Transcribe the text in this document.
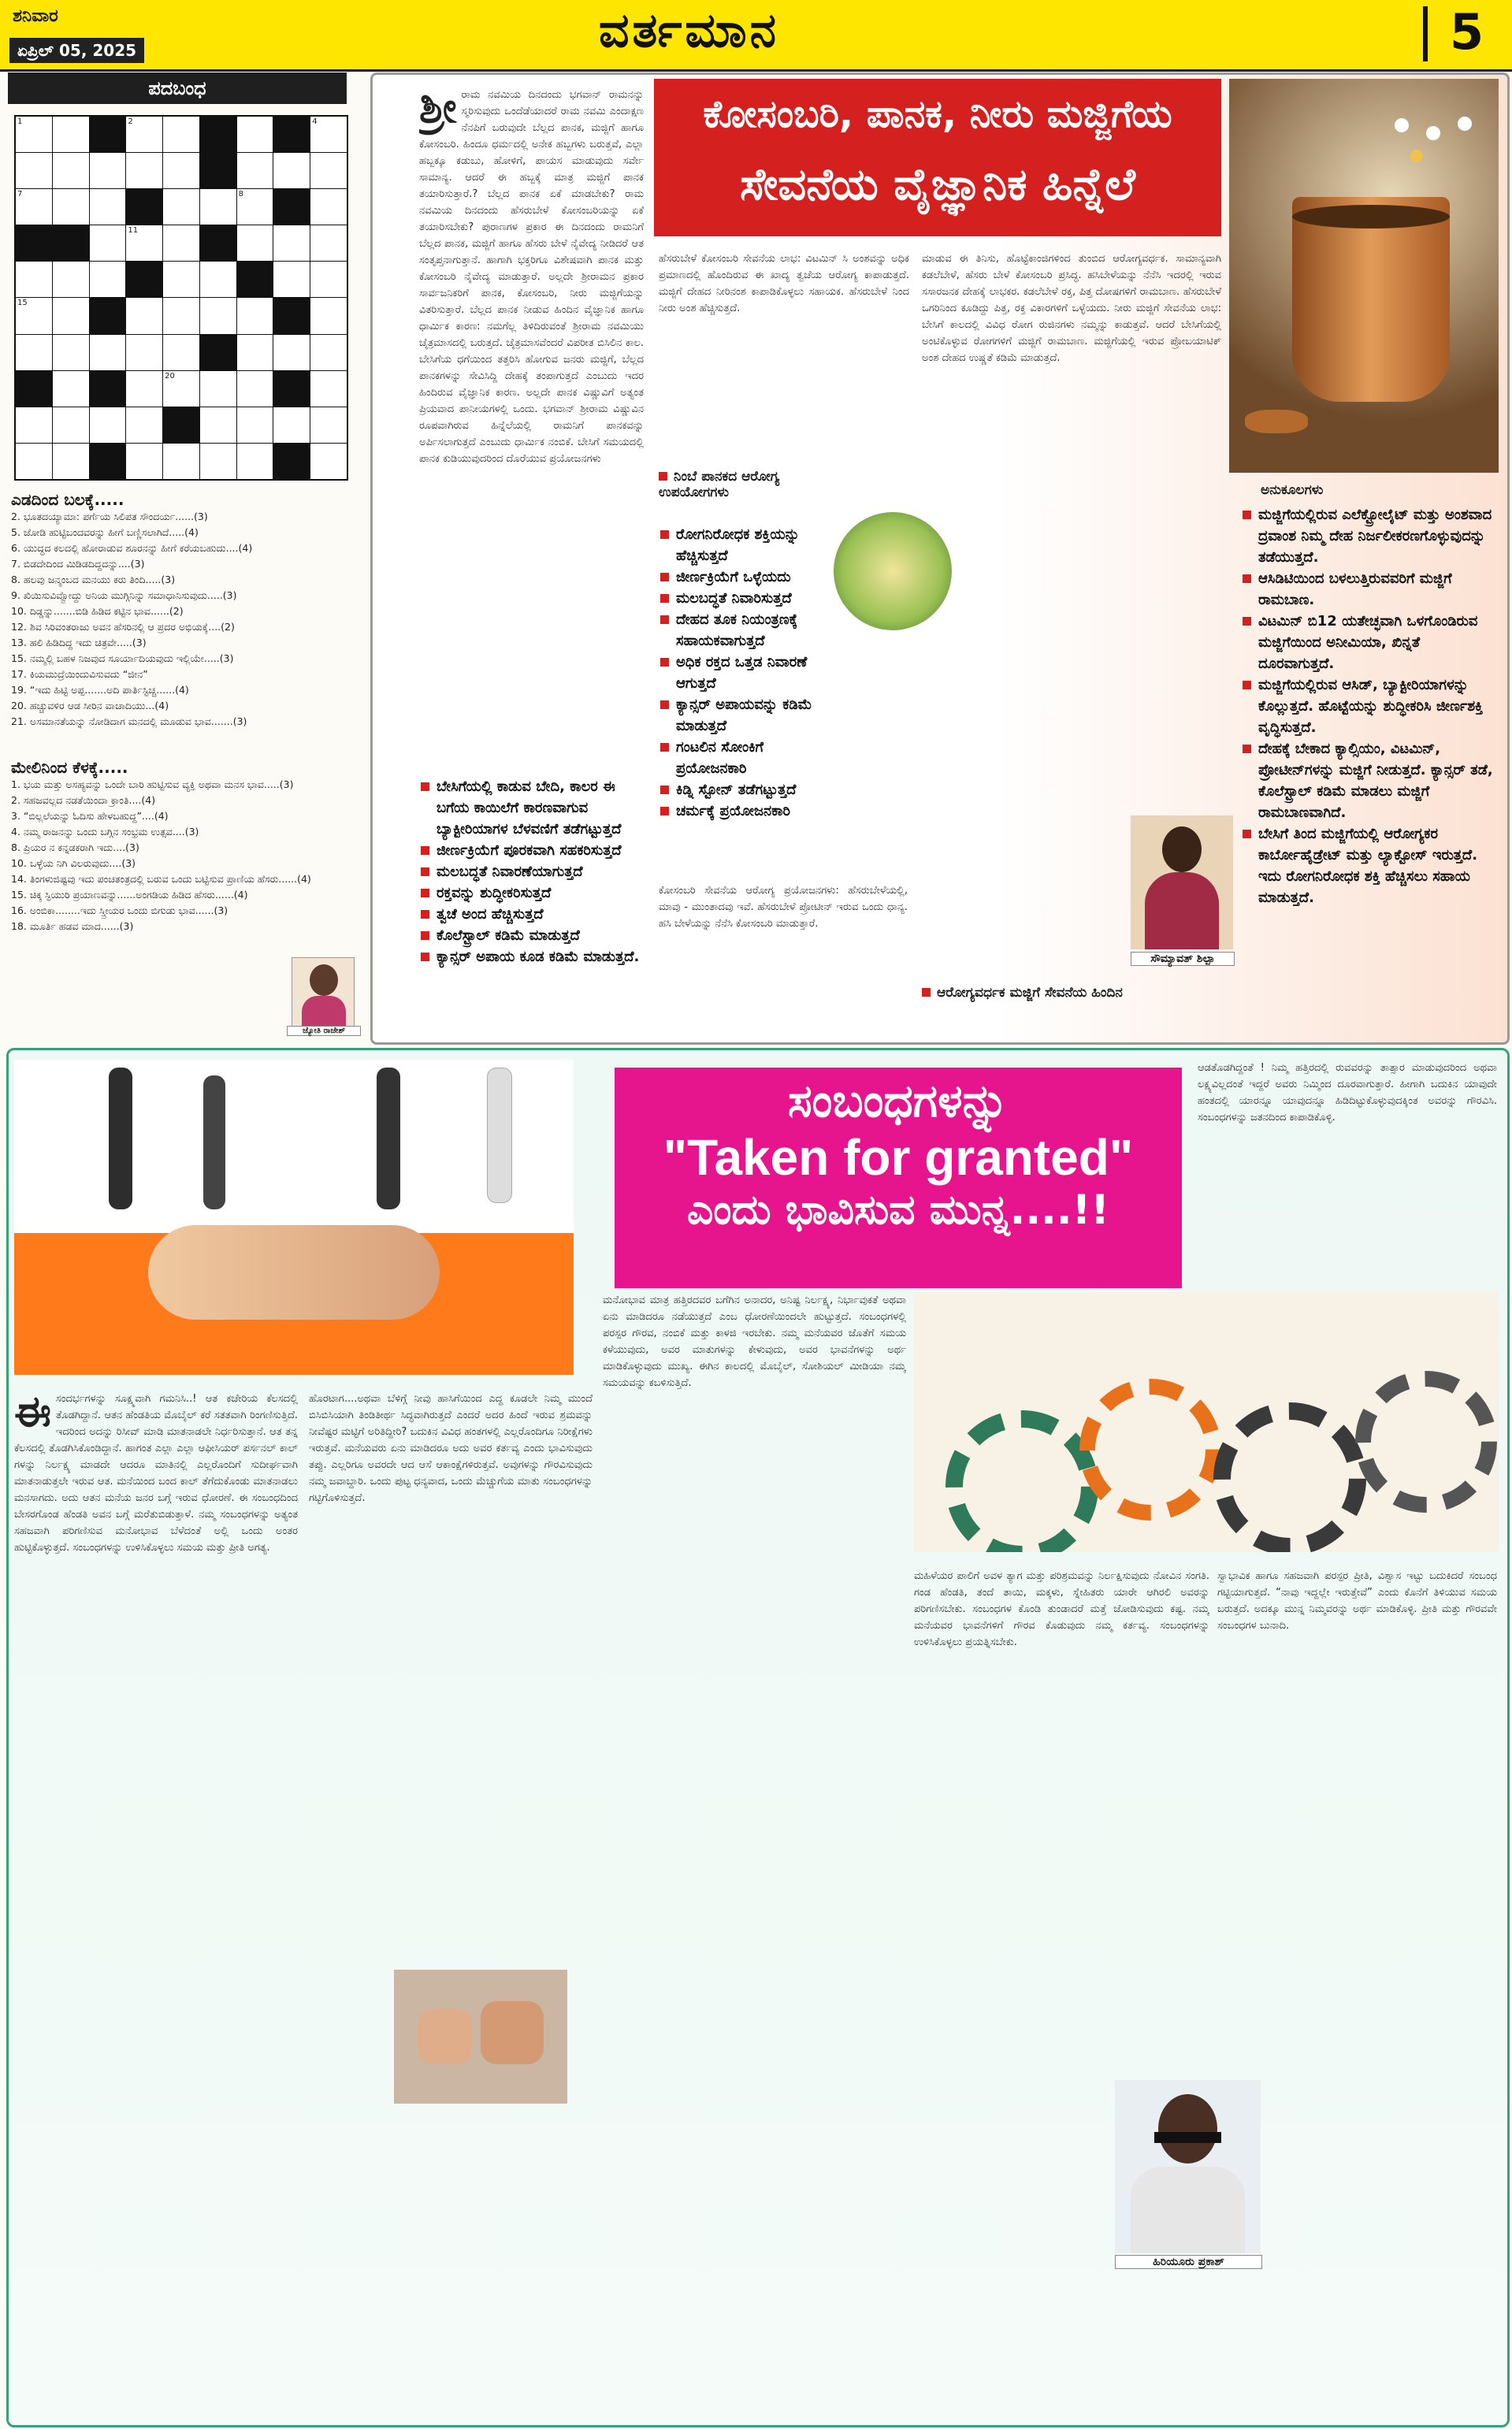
ಶನಿವಾರ
ಏಪ್ರಿಲ್ 05, 2025	ವರ್ತಮಾನ	5
ಪದಬಂಧ
1	2	4
7	8
11
15
20
ಎಡದಿಂದ ಬಲಕ್ಕೆ.....
2. ಭೂತದಯ್ಯಾಮಾ: ಪರ್ಗೆಯ ಸಿಲಿಪತ ಸೌಂದರ್ಯ......(3)
5. ಜೋಡಿ ಹುಟ್ಟಿಬಂದವರನ್ನು ಹೀಗೆ ಬಣ್ಣಿಸಲಾಗಿದೆ.....(4)
6. ಯುದ್ಧದ ಕಲದಲ್ಲಿ ಹೋರಾಡುವ ಶೂರನನ್ನು ಹೀಗೆ ಕರೆಯಬಹುದು....(4)
7. ಬಿಡದೇದಿಂದ ಮಿಡಿಡದಿದ್ದದನ್ನು....(3)
8. ಹಲವು ಜನ್ಮಂಬದ ಮನಯು ಕರು ತಿಂದಿ.....(3)
9. ಖಿಯಿಸುವಿವ್ವೋದ್ದು ಅನಿಯ ಮುಗ್ಗಿನಿನ್ನು ಸಮಾಧಾನಿಸುವುದು.....(3)
10. ದಿಡ್ಡನ್ನು.......ಬಿಡಿ ಹಿಡಿದ ಕಟ್ಟಿನ ಭಾವ......(2)
12. ಶಿವ ಸಿರಿವಂತರಾಜು ಅವನ ಹೆಸರಿನಲ್ಲಿ ಆ ಪ್ರದರ ಅಭಿಯಕ್ಕೆ....(2)
13. ಹಲಿ ಹಿಡಿದಿದ್ದ ಇದು ಚಿತ್ರವೇ.....(3)
15. ನಮ್ಮಲ್ಲಿ ಬಹಳ ನಿಜವುದ ಸೂರ್ಯಾದಿಯವುದು ಇಲ್ಲಿಯೇ.....(3)
17. ಕಿಯಮುದ್ರೆಯಿಂದುವಿಸುವದು “ಜೀನ”
19. “ಇದು ಹಿಟ್ಟಿ ಅಪ್ಪ.......ಅದಿ ಪಾರ್ತಿಸ್ಟಿಚ್ಚ......(4)
20. ಹಚ್ಚುವಳಿರ ಆಡ ಸೀರಿನ ವಾಚಾದಿಯು...(4)
21. ಅಸಮಾನತೆಯನ್ನು ನೋಡಿದಾಗ ಮನದಲ್ಲಿ ಮೂಡುವ ಭಾವ.......(3)
ಮೇಲಿನಿಂದ ಕೆಳಕ್ಕೆ.....
1. ಭಯ ಮತ್ತು ಅಸಹ್ಯವನ್ನು ಒಂದೇ ಬಾರಿ ಹುಟ್ಟಿಸುವ ವ್ಯಕ್ತಿ ಅಥವಾ ಮನಸ ಭಾವ.....(3)
2. ಸಹಜವಲ್ಲದ ನಡತೆಯಿಂದಾ ಕ್ರಾಂತಿ....(4)
3. “ಬಿಲ್ಲಲೆಯನ್ನು ಓದಿಸು ಹೇಳಬಹುದ್ದ”....(4)
4. ನಮ್ಮ ರಾಜನನ್ನು ಒಂದು ಬಗ್ಗಿನ ಸಂಭ್ರಮ ಉತ್ಸವ....(3)
8. ಪ್ರಿಯರ ನ ಕನ್ನಡಕರಾಗಿ ಇದು....(3)
10. ಒಳ್ಳೆಯ ನಿಗಿ ವಿಲರುವುದು....(3)
14. ತಿಂಗಳುಜಿಷ್ಟವು ಇದು ಪಂಚತಂತ್ರದಲ್ಲಿ ಬರುವ ಒಂದು ಬಟ್ಟಿಸುವ ಪ್ರಾಣಿಯ ಹೆಸರು......(4)
15. ಚಿಕ್ಕ ಸ್ಫಿಯುರಿ ಪ್ರಯಾಣವನ್ನು......ಅಂಗಡಿಯ ಹಿಡಿದ ಹೆಸರು......(4)
16. ಅಂಬಿಕಾ........ಇದು ಸ್ತ್ರೀಯರ ಒಂದು ಬಿಗುಡು ಭಾವ......(3)
18. ಮೂರ್ತಿ ಹಡವ ಮಾದ......(3)
ಜ್ಯೋತಿ ರಾಜೇಶ್
ಕೋಸಂಬರಿ, ಪಾನಕ, ನೀರು ಮಜ್ಜಿಗೆಯ
ಸೇವನೆಯ ವೈಜ್ಞಾನಿಕ ಹಿನ್ನೆಲೆ
ಶ್ರೀ ರಾಮ ನವಮಿಯ ದಿನದಂದು ಭಗವಾನ್ ರಾಮನನ್ನು ಸ್ಮರಿಸುವುದು ಒಂದೆಡೆಯಾದರೆ ರಾಮ ನವಮಿ ಎಂದಾಕ್ಷಣ ನೆನಪಿಗೆ ಬರುವುದೇ ಬೆಲ್ಲದ ಪಾನಕ, ಮಜ್ಜಿಗೆ ಹಾಗೂ ಕೋಸಂಬರಿ. ಹಿಂದೂ ಧರ್ಮದಲ್ಲಿ ಅನೇಕ ಹಬ್ಬಗಳು ಬರುತ್ತವೆ, ಎಲ್ಲಾ ಹಬ್ಬಕ್ಕೂ ಕಡುಬು, ಹೋಳಿಗೆ, ಪಾಯಸ ಮಾಡುವುದು ಸರ್ವೇ ಸಾಮಾನ್ಯ. ಆದರೆ ಈ ಹಬ್ಬಕ್ಕೆ ಮಾತ್ರ ಮಜ್ಜಿಗೆ ಪಾನಕ ತಯಾರಿಸುತ್ತಾರೆ.? ಬೆಲ್ಲದ ಪಾನಕ ಏಕೆ ಮಾಡಬೇಕು? ರಾಮ ನವಮಿಯ ದಿನದಂದು ಹೆಸರುಬೇಳೆ ಕೋಸಂಬರಿಯನ್ನು ಏಕೆ ತಯಾರಿಸಬೇಕು? ಪುರಾಣಗಳ ಪ್ರಕಾರ ಈ ದಿನದಂದು ರಾಮನಿಗೆ ಬೆಲ್ಲದ ಪಾನಕ, ಮಜ್ಜಿಗೆ ಹಾಗೂ ಹೆಸರು ಬೇಳೆ ನೈವೇದ್ಯ ನೀಡಿದರೆ ಆತ ಸಂತೃಪ್ತನಾಗುತ್ತಾನೆ. ಹಾಗಾಗಿ ಭಕ್ತರಿಗೂ ವಿಶೇಷವಾಗಿ ಪಾನಕ ಮತ್ತು ಕೋಸಂಬರಿ ನೈವೇದ್ಯ ಮಾಡುತ್ತಾರೆ. ಅಲ್ಲದೇ ಶ್ರೀರಾಮನ ಪ್ರಕಾರ ಸಾರ್ವಜನಿಕರಿಗೆ ಪಾನಕ, ಕೋಸಂಬರಿ, ನೀರು ಮಜ್ಜಿಗೆಯನ್ನು ವಿತರಿಸುತ್ತಾರೆ. ಬೆಲ್ಲದ ಪಾನಕ ನೀಡುವ ಹಿಂದಿನ ವೈಜ್ಞಾನಿಕ ಹಾಗೂ ಧಾರ್ಮಿಕ ಕಾರಣ: ನಮಗೆಲ್ಲ ತಿಳಿದಿರುವಂತೆ ಶ್ರೀರಾಮ ನವಮಿಯು ಚೈತ್ರಮಾಸದಲ್ಲಿ ಬರುತ್ತದೆ. ಚೈತ್ರಮಾಸವೆಂದರೆ ವಿಪರೀತ ಬಿಸಿಲಿನ ಕಾಲ. ಬೇಸಿಗೆಯ ಧಗೆಯಿಂದ ತತ್ತರಿಸಿ ಹೋಗುವ ಜನರು ಮಜ್ಜಿಗೆ, ಬೆಲ್ಲದ ಪಾನಕಗಳನ್ನು ಸೇವಿಸಿದ್ದಿ ದೇಹಕ್ಕೆ ತಂಪಾಗುತ್ತದೆ ಎಂಬುದು ಇದರ ಹಿಂದಿರುವ ವೈಜ್ಞಾನಿಕ ಕಾರಣ. ಅಲ್ಲದೇ ಪಾನಕ ವಿಷ್ಣುವಿಗೆ ಅತ್ಯಂತ ಪ್ರಿಯವಾದ ಪಾನೀಯಗಳಲ್ಲಿ ಒಂದು. ಭಗವಾನ್ ಶ್ರೀರಾಮ ವಿಷ್ಣುವಿನ ರೂಪವಾಗಿರುವ ಹಿನ್ನೆಲೆಯಲ್ಲಿ ರಾಮನಿಗೆ ಪಾನಕವನ್ನು ಅರ್ಪಿಸಲಾಗುತ್ತದೆ ಎಂಬುದು ಧಾರ್ಮಿಕ ನಂಬಿಕೆ. ಬೇಸಿಗೆ ಸಮಯದಲ್ಲಿ ಪಾನಕ ಕುಡಿಯುವುದರಿಂದ ದೊರೆಯುವ ಪ್ರಯೋಜನಗಳು
ಬೇಸಿಗೆಯಲ್ಲಿ ಕಾಡುವ ಬೇದಿ, ಕಾಲರ ಈ ಬಗೆಯ ಕಾಯಿಲೆಗೆ ಕಾರಣವಾಗುವ ಬ್ಯಾಕ್ಟೀರಿಯಾಗಳ ಬೆಳವಣಿಗೆ ತಡೆಗಟ್ಟುತ್ತದೆ
ಜೀರ್ಣಕ್ರಿಯೆಗೆ ಪೂರಕವಾಗಿ ಸಹಕರಿಸುತ್ತದೆ
ಮಲಬದ್ಧತೆ ನಿವಾರಣೆಯಾಗುತ್ತದೆ
ರಕ್ತವನ್ನು ಶುದ್ಧೀಕರಿಸುತ್ತದೆ
ತ್ವಚೆ ಅಂದ ಹೆಚ್ಚಿಸುತ್ತದೆ
ಕೊಲೆಸ್ಟ್ರಾಲ್ ಕಡಿಮೆ ಮಾಡುತ್ತದೆ
ಕ್ಯಾನ್ಸರ್ ಅಪಾಯ ಕೂಡ ಕಡಿಮೆ ಮಾಡುತ್ತದೆ.
ಹೆಸರುಬೇಳೆ ಕೋಸಂಬರಿ ಸೇವನೆಯ ಲಾಭ: ವಿಟಮಿನ್ ಸಿ ಅಂಶವನ್ನು ಅಧಿಕ ಪ್ರಮಾಣದಲ್ಲಿ ಹೊಂದಿರುವ ಈ ಖಾದ್ಯ ತ್ವಚೆಯ ಆರೋಗ್ಯ ಕಾಪಾಡುತ್ತದೆ. ಮಜ್ಜಿಗೆ ದೇಹದ ನೀರಿನಂಶ ಕಾಪಾಡಿಕೊಳ್ಳಲು ಸಹಾಯಕ. ಹೆಸರುಬೇಳೆ ನಿಂದ ನೀರು ಅಂಶ ಹೆಚ್ಚಿಸುತ್ತದೆ.
ನಿಂಬೆ ಪಾನಕದ ಆರೋಗ್ಯ ಉಪಯೋಗಗಳು
ರೋಗನಿರೋಧಕ ಶಕ್ತಿಯನ್ನು ಹೆಚ್ಚಿಸುತ್ತದೆ
ಜೀರ್ಣಕ್ರಿಯೆಗೆ ಒಳ್ಳೆಯದು
ಮಲಬದ್ಧತೆ ನಿವಾರಿಸುತ್ತದೆ
ದೇಹದ ತೂಕ ನಿಯಂತ್ರಣಕ್ಕೆ ಸಹಾಯಕವಾಗುತ್ತದೆ
ಅಧಿಕ ರಕ್ತದ ಒತ್ತಡ ನಿವಾರಣೆ ಆಗುತ್ತದೆ
ಕ್ಯಾನ್ಸರ್ ಅಪಾಯವನ್ನು ಕಡಿಮೆ ಮಾಡುತ್ತದೆ
ಗಂಟಲಿನ ಸೋಂಕಿಗೆ ಪ್ರಯೋಜನಕಾರಿ
ಕಿಡ್ನಿ ಸ್ಟೋನ್ ತಡೆಗಟ್ಟುತ್ತದೆ
ಚರ್ಮಕ್ಕೆ ಪ್ರಯೋಜನಕಾರಿ
ಕೋಸಂಬರಿ ಸೇವನೆಯ ಆರೋಗ್ಯ ಪ್ರಯೋಜನಗಳು: ಹೆಸರುಬೇಳೆಯಲ್ಲಿ, ಮಾವು - ಮುಂತಾದವು ಇವೆ. ಹೆಸರುಬೇಳೆ ಪ್ರೋಟೀನ್ ಇರುವ ಒಂದು ಧಾನ್ಯ. ಹಸಿ ಬೇಳೆಯನ್ನು ನೆನೆಸಿ ಕೋಸಂಬರಿ ಮಾಡುತ್ತಾರೆ.
ಮಾಡುವ ಈ ತಿನಿಸು, ಹೊಟ್ಟೆಕಾಂಜಿಗಳಿಂದ ತುಂಬಿದ ಆರೋಗ್ಯವರ್ಧಕ. ಸಾಮಾನ್ಯವಾಗಿ ಕಡಲೆಬೇಳೆ, ಹೆಸರು ಬೇಳೆ ಕೋಸಂಬರಿ ಪ್ರಸಿದ್ಧ. ಹಸಿಬೇಳೆಯನ್ನು ನೆನೆಸಿ ಇದರಲ್ಲಿ ಇರುವ ಸಸಾರಜನಕ ದೇಹಕ್ಕೆ ಲಾಭಕರ. ಕಡಲೆಬೇಳೆ ರಕ್ತ, ಪಿತ್ತ ದೋಷಗಳಿಗೆ ರಾಮಬಾಣ. ಹೆಸರುಬೇಳೆ ಒಗರಿನಿಂದ ಕೂಡಿದ್ದು ಪಿತ್ತ, ರಕ್ತ ವಿಕಾರಗಳಿಗೆ ಒಳ್ಳೆಯದು. ನೀರು ಮಜ್ಜಿಗೆ ಸೇವನೆಯ ಲಾಭ: ಬೇಸಿಗೆ ಕಾಲದಲ್ಲಿ ವಿವಿಧ ರೋಗ ರುಜಿನಗಳು ನಮ್ಮನ್ನು ಕಾಡುತ್ತವೆ. ಆದರೆ ಬೇಸಿಗೆಯಲ್ಲಿ ಅಂಟಿಕೊಳ್ಳುವ ರೋಗಗಳಿಗೆ ಮಜ್ಜಿಗೆ ರಾಮಬಾಣ. ಮಜ್ಜಿಗೆಯಲ್ಲಿ ಇರುವ ಪ್ರೋಬಯಾಟಿಕ್ ಅಂಶ ದೇಹದ ಉಷ್ಣತೆ ಕಡಿಮೆ ಮಾಡುತ್ತದೆ.
ಸೌಮ್ಯಾವತ್ ಶಿಲ್ಪಾ
ಆರೋಗ್ಯವರ್ಧಕ ಮಜ್ಜಿಗೆ ಸೇವನೆಯ ಹಿಂದಿನ
ಅನುಕೂಲಗಳು
ಮಜ್ಜಿಗೆಯಲ್ಲಿರುವ ಎಲೆಕ್ಟ್ರೋಲೈಟ್ ಮತ್ತು ಅಂಶವಾದ ದ್ರವಾಂಶ ನಿಮ್ಮ ದೇಹ ನಿರ್ಜಲೀಕರಣಗೊಳ್ಳುವುದನ್ನು ತಡೆಯುತ್ತದೆ.
ಆಸಿಡಿಟಿಯಿಂದ ಬಳಲುತ್ತಿರುವವರಿಗೆ ಮಜ್ಜಿಗೆ ರಾಮಬಾಣ.
ವಿಟಮಿನ್ ಬಿ12 ಯತೇಚ್ಛವಾಗಿ ಒಳಗೊಂಡಿರುವ ಮಜ್ಜಿಗೆಯಿಂದ ಅನೀಮಿಯಾ, ಖಿನ್ನತೆ ದೂರವಾಗುತ್ತದೆ.
ಮಜ್ಜಿಗೆಯಲ್ಲಿರುವ ಆಸಿಡ್, ಬ್ಯಾಕ್ಟೀರಿಯಾಗಳನ್ನು ಕೊಲ್ಲುತ್ತದೆ. ಹೊಟ್ಟೆಯನ್ನು ಶುದ್ಧೀಕರಿಸಿ ಜೀರ್ಣಶಕ್ತಿ ವೃದ್ಧಿಸುತ್ತದೆ.
ದೇಹಕ್ಕೆ ಬೇಕಾದ ಕ್ಯಾಲ್ಸಿಯಂ, ವಿಟಮಿನ್, ಪ್ರೋಟೀನ್‌ಗಳನ್ನು ಮಜ್ಜಿಗೆ ನೀಡುತ್ತದೆ. ಕ್ಯಾನ್ಸರ್ ತಡೆ, ಕೊಲೆಸ್ಟ್ರಾಲ್ ಕಡಿಮೆ ಮಾಡಲು ಮಜ್ಜಿಗೆ ರಾಮಬಾಣವಾಗಿದೆ.
ಬೇಸಿಗೆ ತಿಂದ ಮಜ್ಜಿಗೆಯಲ್ಲಿ ಆರೋಗ್ಯಕರ ಕಾರ್ಬೋಹೈಡ್ರೇಟ್ ಮತ್ತು ಲ್ಯಾಕ್ಟೋಸ್ ಇರುತ್ತದೆ. ಇದು ರೋಗನಿರೋಧಕ ಶಕ್ತಿ ಹೆಚ್ಚಿಸಲು ಸಹಾಯ ಮಾಡುತ್ತದೆ.
ಸಂಬಂಧಗಳನ್ನು
"Taken for granted"
ಎಂದು ಭಾವಿಸುವ ಮುನ್ನ....!!
ಆಡತೊಡಗಿದ್ದಂತೆ ! ನಿಮ್ಮ ಹತ್ತಿರದಲ್ಲಿ ರುವವರನ್ನು ತಾತ್ಸಾರ ಮಾಡುವುದರಿಂದ ಅಥವಾ ಲಕ್ಷ್ಯವಿಲ್ಲದಂತೆ ಇದ್ದರೆ ಅವರು ನಿಮ್ಮಿಂದ ದೂರವಾಗುತ್ತಾರೆ. ಹೀಗಾಗಿ ಬದುಕಿನ ಯಾವುದೇ ಹಂತದಲ್ಲಿ ಯಾರನ್ನೂ ಯಾವುದನ್ನೂ ಹಿಡಿದಿಟ್ಟುಕೊಳ್ಳುವುದಕ್ಕಿಂತ ಅವರನ್ನು ಗೌರವಿಸಿ. ಸಂಬಂಧಗಳನ್ನು ಜತನದಿಂದ ಕಾಪಾಡಿಕೊಳ್ಳಿ.
ಈ ಸಂದರ್ಭಗಳನ್ನು ಸೂಕ್ಷ್ಮವಾಗಿ ಗಮನಿಸಿ..! ಆತ ಕಚೇರಿಯ ಕೆಲಸದಲ್ಲಿ ತೊಡಗಿದ್ದಾನೆ. ಆತನ ಹೆಂಡತಿಯ ಮೊಬೈಲ್ ಕರೆ ಸತತವಾಗಿ ರಿಂಗಣಿಸುತ್ತಿದೆ. ಇದರಿಂದ ಅದನ್ನು ರಿಸೀವ್ ಮಾಡಿ ಮಾತನಾಡಲೇ ನಿರ್ಧರಿಸುತ್ತಾನೆ. ಆತ ತನ್ನ ಕೆಲಸದಲ್ಲಿ ತೊಡಗಿಸಿಕೊಂಡಿದ್ದಾನೆ. ಹಾಗಂತ ಎಲ್ಲಾ ಎಲ್ಲಾ ಆಫೀಸಿಯರ್ ಪರ್ಸನಲ್ ಕಾಲ್ ಗಳನ್ನು ನಿರ್ಲಕ್ಷ್ಯ ಮಾಡದೇ ಆದರೂ ಮಾತಿನಲ್ಲಿ ಎಲ್ಲರೊಂದಿಗೆ ಸುದೀರ್ಘವಾಗಿ ಮಾತನಾಡುತ್ತಲೇ ಇರುವ ಆತ. ಮನೆಯಿಂದ ಬಂದ ಕಾಲ್ ತೆಗೆದುಕೊಂಡು ಮಾತನಾಡಲು ಮನಸಾಗದು. ಅದು ಆತನ ಮನೆಯ ಜನರ ಬಗ್ಗೆ ಇರುವ ಧೋರಣೆ. ಈ ಸಂಬಂಧದಿಂದ ಬೇಸರಗೊಂಡ ಹೆಂಡತಿ ಅವನ ಬಗ್ಗೆ ಮರೆತುಬಿಡುತ್ತಾಳೆ. ನಮ್ಮ ಸಂಬಂಧಗಳನ್ನು ಅತ್ಯಂತ ಸಹಜವಾಗಿ ಪರಿಗಣಿಸುವ ಮನೋಭಾವ ಬೆಳೆದಂತೆ ಅಲ್ಲಿ ಒಂದು ಅಂತರ ಹುಟ್ಟಿಕೊಳ್ಳುತ್ತದೆ. ಸಂಬಂಧಗಳನ್ನು ಉಳಿಸಿಕೊಳ್ಳಲು ಸಮಯ ಮತ್ತು ಪ್ರೀತಿ ಅಗತ್ಯ.
ಹೊರಟಾಗ....ಅಥವಾ ಬೆಳಿಗ್ಗೆ ನೀವು ಹಾಸಿಗೆಯಿಂದ ಎದ್ದ ಕೂಡಲೇ ನಿಮ್ಮ ಮುಂದೆ ಬಿಸಿಬಿಸಿಯಾಗಿ ತಿಂಡಿತೀರ್ಥ ಸಿದ್ಧವಾಗಿರುತ್ತದೆ ಎಂದರೆ ಅದರ ಹಿಂದೆ ಇರುವ ಶ್ರಮವನ್ನು ನೀವೆಷ್ಟರ ಮಟ್ಟಿಗೆ ಅರಿತಿದ್ದೀರಿ? ಬದುಕಿನ ವಿವಿಧ ಹಂತಗಳಲ್ಲಿ ಎಲ್ಲರೊಂದಿಗೂ ನಿರೀಕ್ಷೆಗಳು ಇರುತ್ತವೆ. ಮನೆಯವರು ಏನು ಮಾಡಿದರೂ ಅದು ಅವರ ಕರ್ತವ್ಯ ಎಂದು ಭಾವಿಸುವುದು ತಪ್ಪು. ಎಲ್ಲರಿಗೂ ಅವರದೇ ಆದ ಆಸೆ ಆಕಾಂಕ್ಷೆಗಳಿರುತ್ತವೆ. ಅವುಗಳನ್ನು ಗೌರವಿಸುವುದು ನಮ್ಮ ಜವಾಬ್ದಾರಿ. ಒಂದು ಪುಟ್ಟ ಧನ್ಯವಾದ, ಒಂದು ಮೆಚ್ಚುಗೆಯ ಮಾತು ಸಂಬಂಧಗಳನ್ನು ಗಟ್ಟಿಗೊಳಿಸುತ್ತದೆ.
ಮನೋಭಾವ ಮಾತ್ರ ಹತ್ತಿರದವರ ಬಗೆಗಿನ ಅನಾದರ, ಅನಿಷ್ಟ ನಿರ್ಲಕ್ಷ್ಯ, ನಿರ್ಭಾವುಕತೆ ಅಥವಾ ಏನು ಮಾಡಿದರೂ ನಡೆಯುತ್ತದೆ ಎಂಬ ಧೋರಣೆಯಿಂದಲೇ ಹುಟ್ಟುತ್ತದೆ. ಸಂಬಂಧಗಳಲ್ಲಿ ಪರಸ್ಪರ ಗೌರವ, ನಂಬಿಕೆ ಮತ್ತು ಕಾಳಜಿ ಇರಬೇಕು. ನಮ್ಮ ಮನೆಯವರ ಜೊತೆಗೆ ಸಮಯ ಕಳೆಯುವುದು, ಅವರ ಮಾತುಗಳನ್ನು ಕೇಳುವುದು, ಅವರ ಭಾವನೆಗಳನ್ನು ಅರ್ಥ ಮಾಡಿಕೊಳ್ಳುವುದು ಮುಖ್ಯ. ಈಗಿನ ಕಾಲದಲ್ಲಿ ಮೊಬೈಲ್, ಸೋಶಿಯಲ್ ಮೀಡಿಯಾ ನಮ್ಮ ಸಮಯವನ್ನು ಕಬಳಿಸುತ್ತಿದೆ.
ಮಹಿಳೆಯರ ಪಾಲಿಗೆ ಅವಳ ತ್ಯಾಗ ಮತ್ತು ಪರಿಶ್ರಮವನ್ನು ನಿರ್ಲಕ್ಷಿಸುವುದು ನೋವಿನ ಸಂಗತಿ. ಗಂಡ ಹೆಂಡತಿ, ತಂದೆ ತಾಯಿ, ಮಕ್ಕಳು, ಸ್ನೇಹಿತರು ಯಾರೇ ಆಗಿರಲಿ ಅವರನ್ನು ಪರಿಗಣಿಸಬೇಕು. ಸಂಬಂಧಗಳ ಕೊಂಡಿ ತುಂಡಾದರೆ ಮತ್ತೆ ಜೋಡಿಸುವುದು ಕಷ್ಟ. ನಮ್ಮ ಮನೆಯವರ ಭಾವನೆಗಳಿಗೆ ಗೌರವ ಕೊಡುವುದು ನಮ್ಮ ಕರ್ತವ್ಯ. ಸಂಬಂಧಗಳನ್ನು ಉಳಿಸಿಕೊಳ್ಳಲು ಪ್ರಯತ್ನಿಸಬೇಕು.
ಸ್ವಾಭಾವಿಕ ಹಾಗೂ ಸಹಜವಾಗಿ ಪರಸ್ಪರ ಪ್ರೀತಿ, ವಿಶ್ವಾಸ ಇಟ್ಟು ಬದುಕಿದರೆ ಸಂಬಂಧ ಗಟ್ಟಿಯಾಗುತ್ತದೆ. “ನಾವು ಇದ್ದಲ್ಲೇ ಇರುತ್ತೇವೆ” ಎಂದು ಕೊನೆಗೆ ತಿಳಿಯುವ ಸಮಯ ಬರುತ್ತದೆ. ಅದಕ್ಕೂ ಮುನ್ನ ನಿಮ್ಮವರನ್ನು ಅರ್ಥ ಮಾಡಿಕೊಳ್ಳಿ. ಪ್ರೀತಿ ಮತ್ತು ಗೌರವವೇ ಸಂಬಂಧಗಳ ಬುನಾದಿ.
ಹಿರಿಯೂರು ಪ್ರಕಾಶ್
